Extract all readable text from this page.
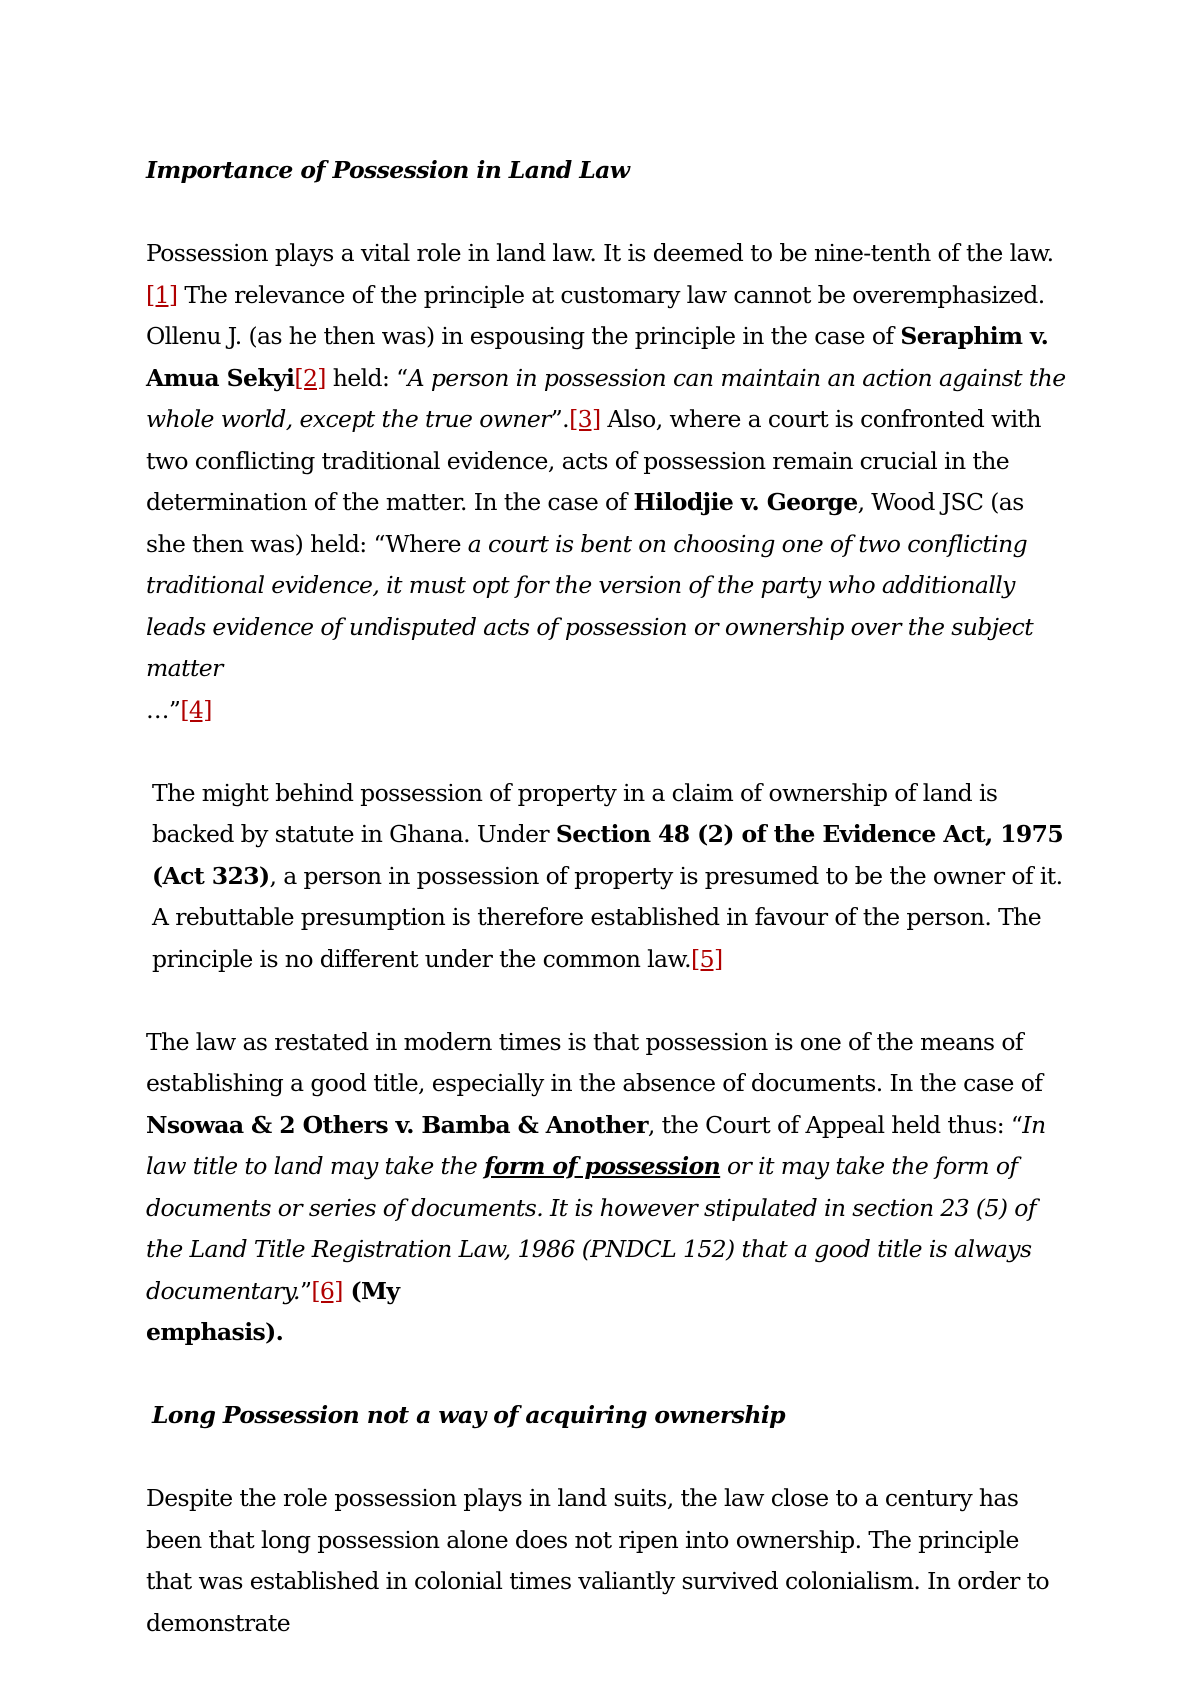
Importance of Possession in Land Law

Possession plays a vital role in land law. It is deemed to be nine-tenth of the law.
[1] The relevance of the principle at customary law cannot be overemphasized. Ollenu J. (as he then was) in espousing the principle in the case of Seraphim v. Amua Sekyi[2] held: “A person in possession can maintain an action against the whole world, except the true owner”.[3] Also, where a court is confronted with two conflicting traditional evidence, acts of possession remain crucial in the determination of the matter. In the case of Hilodjie v. George, Wood JSC (as she then was) held: “Where a court is bent on choosing one of two conflicting traditional evidence, it must opt for the version of the party who additionally leads evidence of undisputed acts of possession or ownership over the subject matter
…”[4]

The might behind possession of property in a claim of ownership of land is backed by statute in Ghana. Under Section 48 (2) of the Evidence Act, 1975 (Act 323), a person in possession of property is presumed to be the owner of it. A rebuttable presumption is therefore established in favour of the person. The principle is no different under the common law.[5]

The law as restated in modern times is that possession is one of the means of establishing a good title, especially in the absence of documents. In the case of Nsowaa & 2 Others v. Bamba & Another, the Court of Appeal held thus: “In law title to land may take the form of possession or it may take the form of documents or series of documents. It is however stipulated in section 23 (5) of the Land Title Registration Law, 1986 (PNDCL 152) that a good title is always documentary.”[6] (My
emphasis).

Long Possession not a way of acquiring ownership

Despite the role possession plays in land suits, the law close to a century has been that long possession alone does not ripen into ownership. The principle that was established in colonial times valiantly survived colonialism. In order to demonstrate
